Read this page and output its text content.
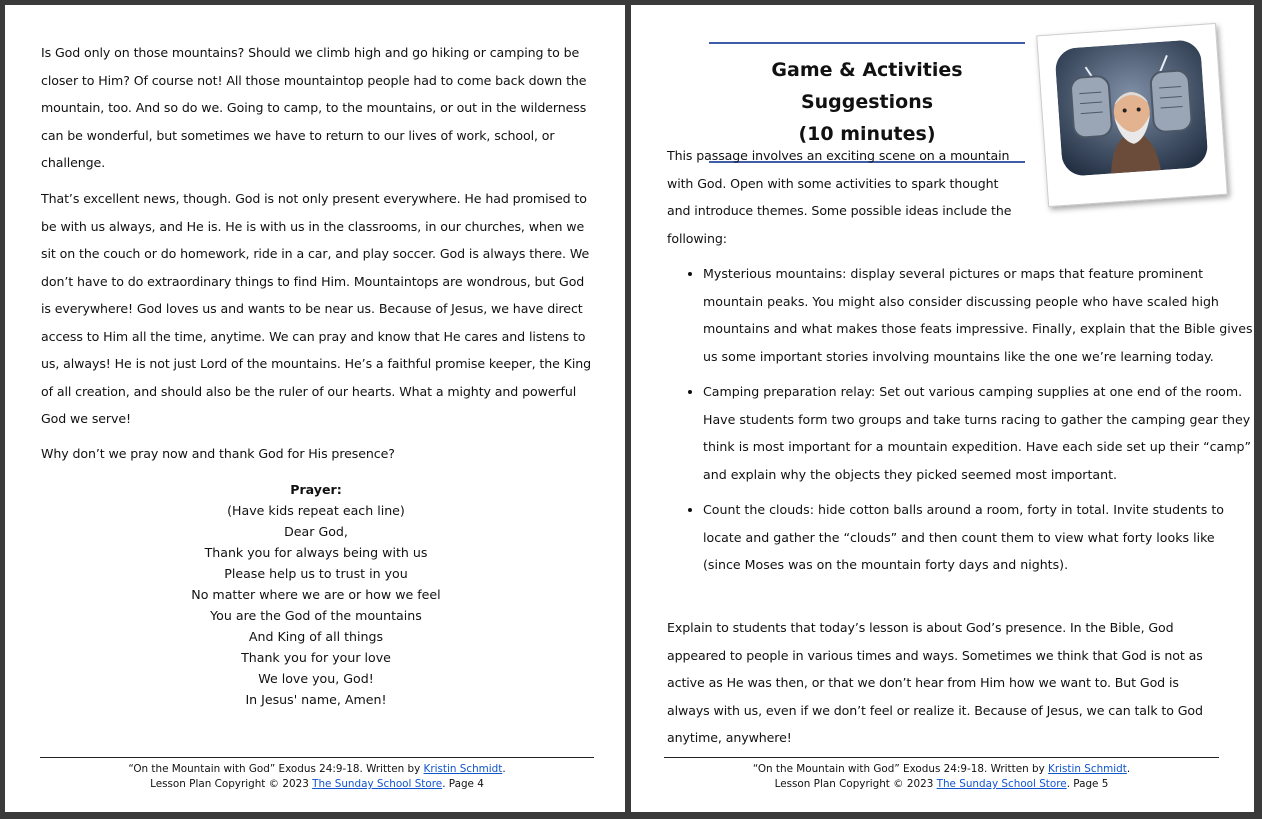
Is God only on those mountains? Should we climb high and go hiking or camping to be closer to Him? Of course not! All those mountaintop people had to come back down the mountain, too. And so do we. Going to camp, to the mountains, or out in the wilderness can be wonderful, but sometimes we have to return to our lives of work, school, or challenge.

That’s excellent news, though. God is not only present everywhere. He had promised to be with us always, and He is. He is with us in the classrooms, in our churches, when we sit on the couch or do homework, ride in a car, and play soccer. God is always there. We don’t have to do extraordinary things to find Him. Mountaintops are wondrous, but God is everywhere! God loves us and wants to be near us. Because of Jesus, we have direct access to Him all the time, anytime. We can pray and know that He cares and listens to us, always! He is not just Lord of the mountains. He’s a faithful promise keeper, the King of all creation, and should also be the ruler of our hearts. What a mighty and powerful God we serve!

Why don’t we pray now and thank God for His presence?

Prayer:
(Have kids repeat each line)
Dear God,
Thank you for always being with us
Please help us to trust in you
No matter where we are or how we feel
You are the God of the mountains
And King of all things
Thank you for your love
We love you, God!
In Jesus' name, Amen!
“On the Mountain with God” Exodus 24:9-18. Written by Kristin Schmidt.
Lesson Plan Copyright © 2023 The Sunday School Store. Page 4
Game & Activities Suggestions
(10 minutes)

This passage involves an exciting scene on a mountain with God. Open with some activities to spark thought and introduce themes. Some possible ideas include the following:

• Mysterious mountains: display several pictures or maps that feature prominent mountain peaks. You might also consider discussing people who have scaled high mountains and what makes those feats impressive. Finally, explain that the Bible gives us some important stories involving mountains like the one we’re learning today.
• Camping preparation relay: Set out various camping supplies at one end of the room. Have students form two groups and take turns racing to gather the camping gear they think is most important for a mountain expedition. Have each side set up their “camp” and explain why the objects they picked seemed most important.
• Count the clouds: hide cotton balls around a room, forty in total. Invite students to locate and gather the “clouds” and then count them to view what forty looks like (since Moses was on the mountain forty days and nights).

Explain to students that today’s lesson is about God’s presence. In the Bible, God appeared to people in various times and ways. Sometimes we think that God is not as active as He was then, or that we don’t hear from Him how we want to. But God is always with us, even if we don’t feel or realize it. Because of Jesus, we can talk to God anytime, anywhere!

“On the Mountain with God” Exodus 24:9-18. Written by Kristin Schmidt.
Lesson Plan Copyright © 2023 The Sunday School Store. Page 5
